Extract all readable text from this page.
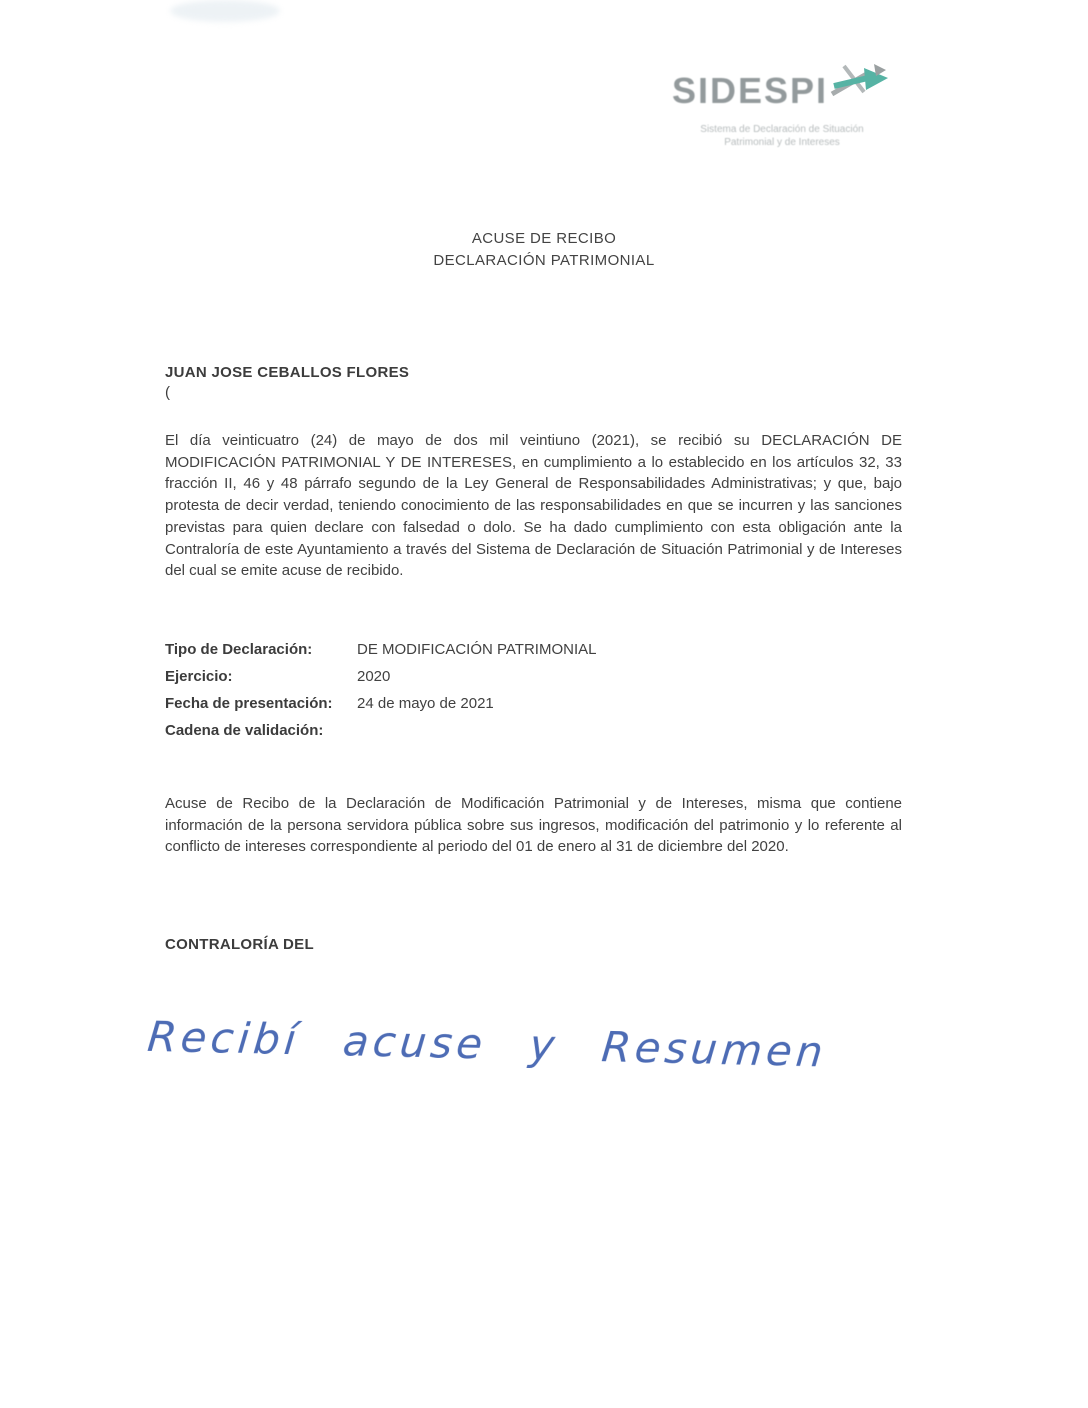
SIDESPI
Sistema de Declaración de Situación
Patrimonial y de Intereses
ACUSE DE RECIBO
DECLARACIÓN PATRIMONIAL
JUAN JOSE CEBALLOS FLORES
(
El día veinticuatro (24) de mayo de dos mil veintiuno (2021), se recibió su DECLARACIÓN DE MODIFICACIÓN PATRIMONIAL Y DE INTERESES, en cumplimiento a lo establecido en los artículos 32, 33 fracción II, 46 y 48 párrafo segundo de la Ley General de Responsabilidades Administrativas; y que, bajo protesta de decir verdad, teniendo conocimiento de las responsabilidades en que se incurren y las sanciones previstas para quien declare con falsedad o dolo. Se ha dado cumplimiento con esta obligación ante la Contraloría de este Ayuntamiento a través del Sistema de Declaración de Situación Patrimonial y de Intereses del cual se emite acuse de recibido.
Tipo de Declaración:	DE MODIFICACIÓN PATRIMONIAL
Ejercicio:	2020
Fecha de presentación:	24 de mayo de 2021
Cadena de validación:
Acuse de Recibo de la Declaración de Modificación Patrimonial y de Intereses, misma que contiene información de la persona servidora pública sobre sus ingresos, modificación del patrimonio y lo referente al conflicto de intereses correspondiente al periodo del 01 de enero al 31 de diciembre del 2020.
CONTRALORÍA DEL
Recibí acuse y Resumen
